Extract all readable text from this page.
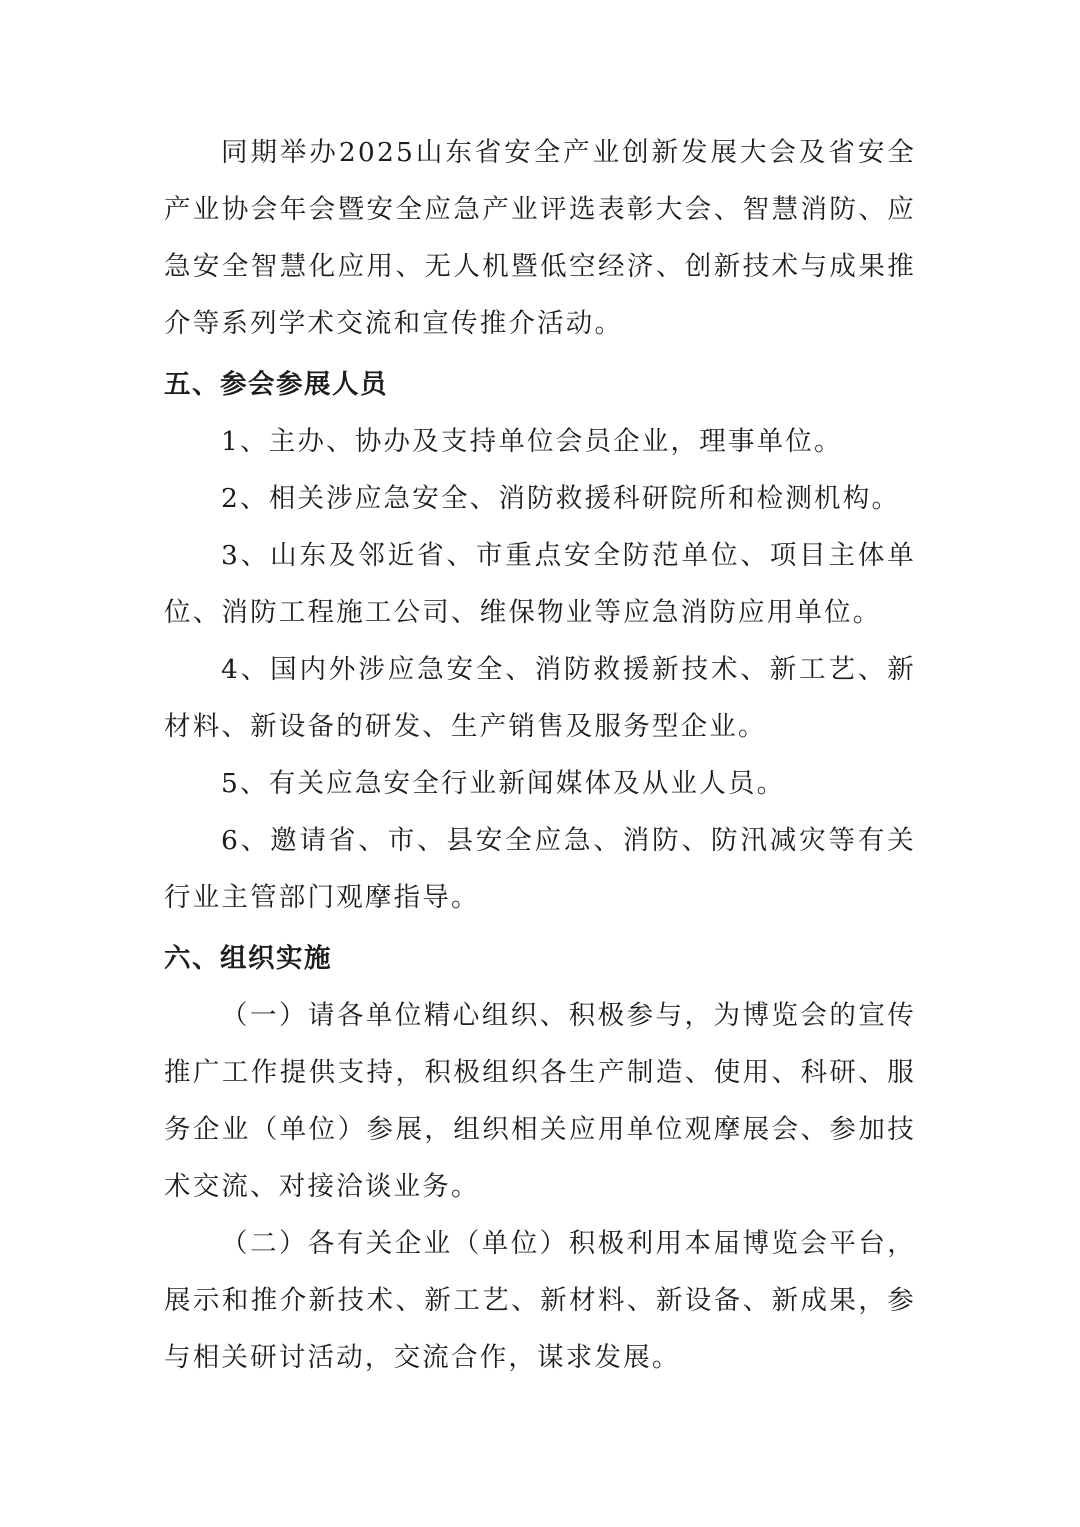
同期举办2025山东省安全产业创新发展大会及省安全产业协会年会暨安全应急产业评选表彰大会、智慧消防、应急安全智慧化应用、无人机暨低空经济、创新技术与成果推介等系列学术交流和宣传推介活动。

五、参会参展人员

1、主办、协办及支持单位会员企业，理事单位。

2、相关涉应急安全、消防救援科研院所和检测机构。

3、山东及邻近省、市重点安全防范单位、项目主体单位、消防工程施工公司、维保物业等应急消防应用单位。

4、国内外涉应急安全、消防救援新技术、新工艺、新材料、新设备的研发、生产销售及服务型企业。

5、有关应急安全行业新闻媒体及从业人员。

6、邀请省、市、县安全应急、消防、防汛减灾等有关行业主管部门观摩指导。

六、组织实施

（一）请各单位精心组织、积极参与，为博览会的宣传推广工作提供支持，积极组织各生产制造、使用、科研、服务企业（单位）参展，组织相关应用单位观摩展会、参加技术交流、对接洽谈业务。

（二）各有关企业（单位）积极利用本届博览会平台，展示和推介新技术、新工艺、新材料、新设备、新成果，参与相关研讨活动，交流合作，谋求发展。
